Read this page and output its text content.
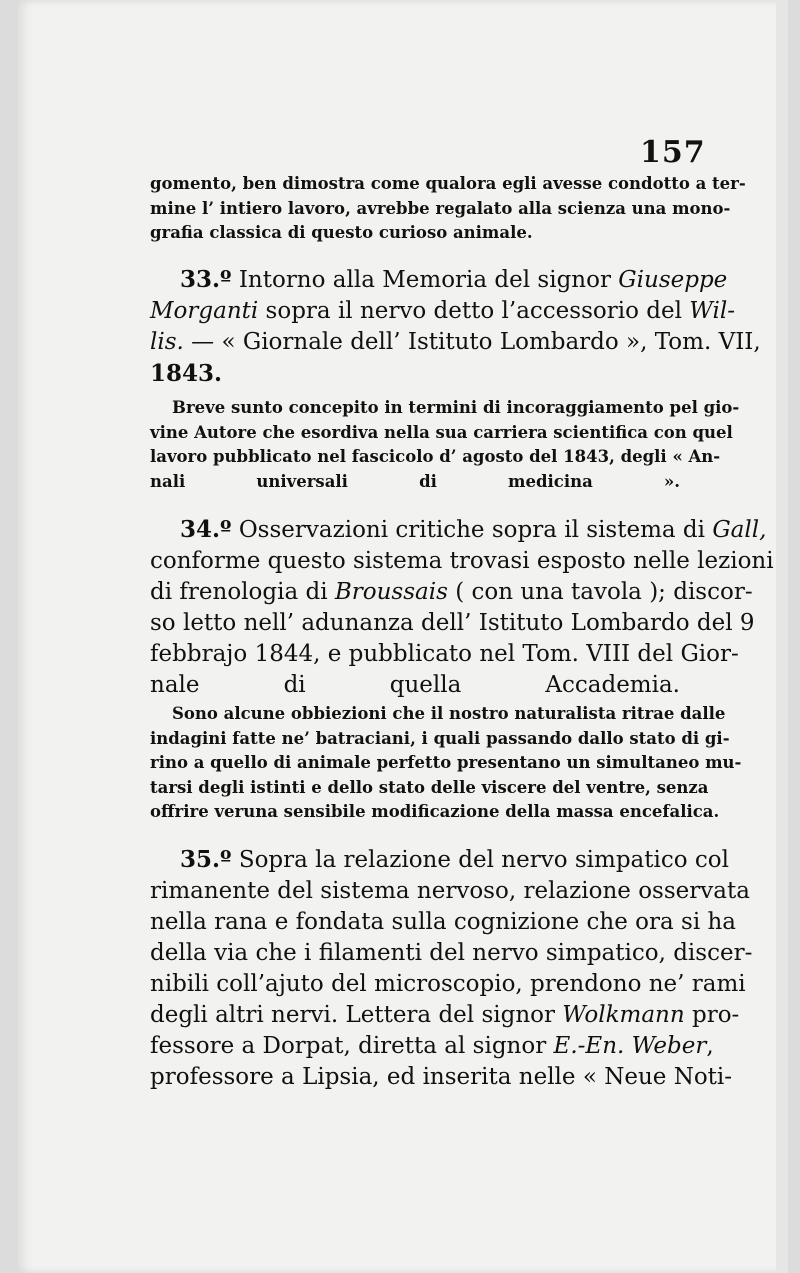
157
gomento, ben dimostra come qualora egli avesse condotto a ter-
mine l’ intiero lavoro, avrebbe regalato alla scienza una mono-
grafia classica di questo curioso animale.
33.º Intorno alla Memoria del signor Giuseppe
Morganti sopra il nervo detto l’accessorio del Wil-
lis. — « Giornale dell’ Istituto Lombardo », Tom. VII,
1843.
Breve sunto concepito in termini di incoraggiamento pel gio-
vine Autore che esordiva nella sua carriera scientifica con quel
lavoro pubblicato nel fascicolo d’ agosto del 1843, degli « An-
nali universali di medicina ».
34.º Osservazioni critiche sopra il sistema di Gall,
conforme questo sistema trovasi esposto nelle lezioni
di frenologia di Broussais ( con una tavola ); discor-
so letto nell’ adunanza dell’ Istituto Lombardo del 9
febbrajo 1844, e pubblicato nel Tom. VIII del Gior-
nale di quella Accademia.
Sono alcune obbiezioni che il nostro naturalista ritrae dalle
indagini fatte ne’ batraciani, i quali passando dallo stato di gi-
rino a quello di animale perfetto presentano un simultaneo mu-
tarsi degli istinti e dello stato delle viscere del ventre, senza
offrire veruna sensibile modificazione della massa encefalica.
35.º Sopra la relazione del nervo simpatico col
rimanente del sistema nervoso, relazione osservata
nella rana e fondata sulla cognizione che ora si ha
della via che i filamenti del nervo simpatico, discer-
nibili coll’ajuto del microscopio, prendono ne’ rami
degli altri nervi. Lettera del signor Wolkmann pro-
fessore a Dorpat, diretta al signor E.-En. Weber,
professore a Lipsia, ed inserita nelle « Neue Noti-
